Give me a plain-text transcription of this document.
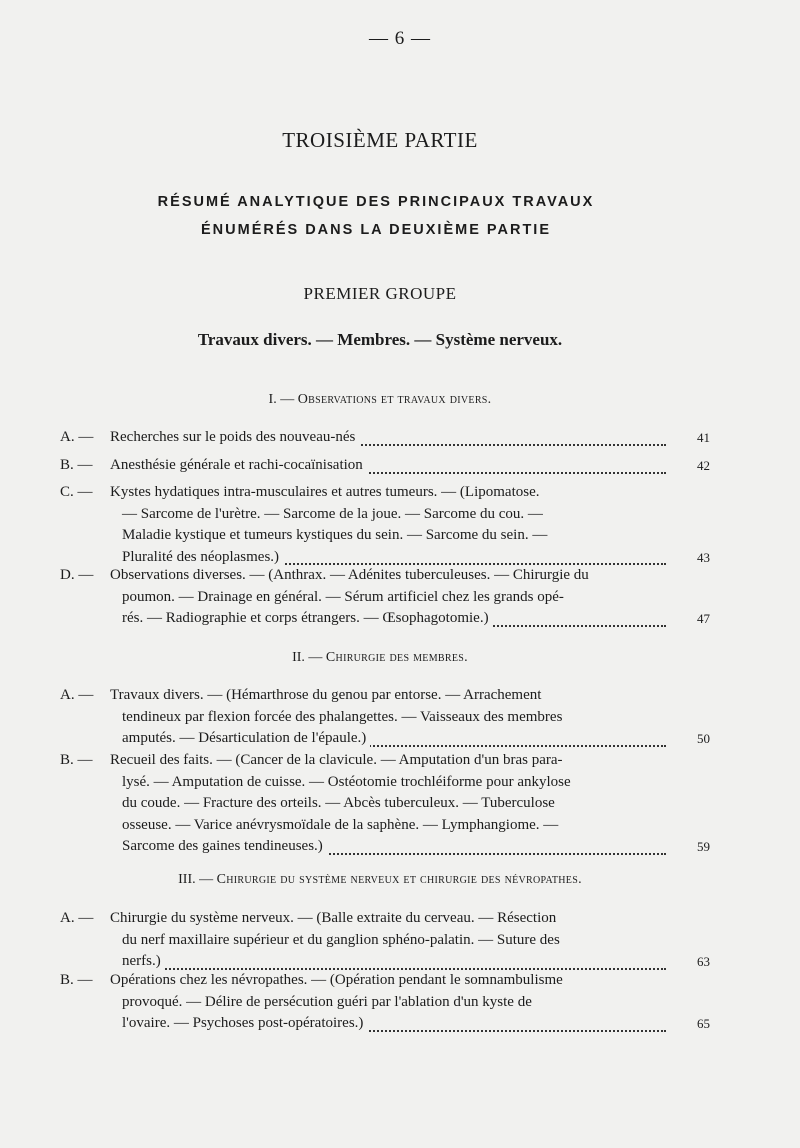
— 6 —
TROISIÈME PARTIE
RÉSUMÉ ANALYTIQUE DES PRINCIPAUX TRAVAUX
ÉNUMÉRÉS DANS LA DEUXIÈME PARTIE
PREMIER GROUPE
Travaux divers. — Membres. — Système nerveux.
I. — Observations et travaux divers.
A. — Recherches sur le poids des nouveau-nés	41
B. — Anesthésie générale et rachi-cocaïnisation	42
C. — Kystes hydatiques intra-musculaires et autres tumeurs. — (Lipomatose.
— Sarcome de l'urètre. — Sarcome de la joue. — Sarcome du cou. —
Maladie kystique et tumeurs kystiques du sein. — Sarcome du sein. —
Pluralité des néoplasmes.)	43
D. — Observations diverses. — (Anthrax. — Adénites tuberculeuses. — Chirurgie du
poumon. — Drainage en général. — Sérum artificiel chez les grands opé-
rés. — Radiographie et corps étrangers. — Œsophagotomie.)	47
II. — Chirurgie des membres.
A. — Travaux divers. — (Hémarthrose du genou par entorse. — Arrachement
tendineux par flexion forcée des phalangettes. — Vaisseaux des membres
amputés. — Désarticulation de l'épaule.)	50
B. — Recueil des faits. — (Cancer de la clavicule. — Amputation d'un bras para-
lysé. — Amputation de cuisse. — Ostéotomie trochléiforme pour ankylose
du coude. — Fracture des orteils. — Abcès tuberculeux. — Tuberculose
osseuse. — Varice anévrysmoïdale de la saphène. — Lymphangiome. —
Sarcome des gaines tendineuses.)	59
III. — Chirurgie du système nerveux et chirurgie des névropathes.
A. — Chirurgie du système nerveux. — (Balle extraite du cerveau. — Résection
du nerf maxillaire supérieur et du ganglion sphéno-palatin. — Suture des
nerfs.)	63
B. — Opérations chez les névropathes. — (Opération pendant le somnambulisme
provoqué. — Délire de persécution guéri par l'ablation d'un kyste de
l'ovaire. — Psychoses post-opératoires.)	65
